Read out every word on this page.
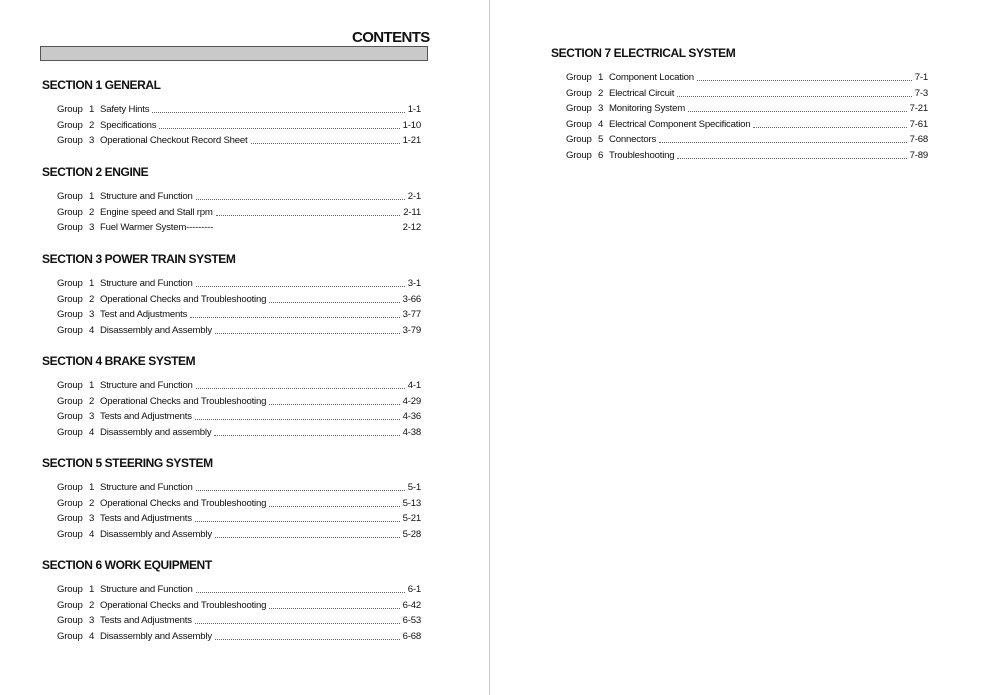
CONTENTS
SECTION 1 GENERAL
Group 1 Safety Hints	1-1
Group 2 Specifications	1-10
Group 3 Operational Checkout Record Sheet	1-21
SECTION 2 ENGINE
Group 1 Structure and Function	2-1
Group 2 Engine speed and Stall rpm	2-11
Group 3 Fuel Warmer System---------	2-12
SECTION 3 POWER TRAIN SYSTEM
Group 1 Structure and Function	3-1
Group 2 Operational Checks and Troubleshooting	3-66
Group 3 Test and Adjustments	3-77
Group 4 Disassembly and Assembly	3-79
SECTION 4 BRAKE SYSTEM
Group 1 Structure and Function	4-1
Group 2 Operational Checks and Troubleshooting	4-29
Group 3 Tests and Adjustments	4-36
Group 4 Disassembly and assembly	4-38
SECTION 5 STEERING SYSTEM
Group 1 Structure and Function	5-1
Group 2 Operational Checks and Troubleshooting	5-13
Group 3 Tests and Adjustments	5-21
Group 4 Disassembly and Assembly	5-28
SECTION 6 WORK EQUIPMENT
Group 1 Structure and Function	6-1
Group 2 Operational Checks and Troubleshooting	6-42
Group 3 Tests and Adjustments	6-53
Group 4 Disassembly and Assembly	6-68
SECTION 7 ELECTRICAL SYSTEM
Group 1 Component Location	7-1
Group 2 Electrical Circuit	7-3
Group 3 Monitoring System	7-21
Group 4 Electrical Component Specification	7-61
Group 5 Connectors	7-68
Group 6 Troubleshooting	7-89
